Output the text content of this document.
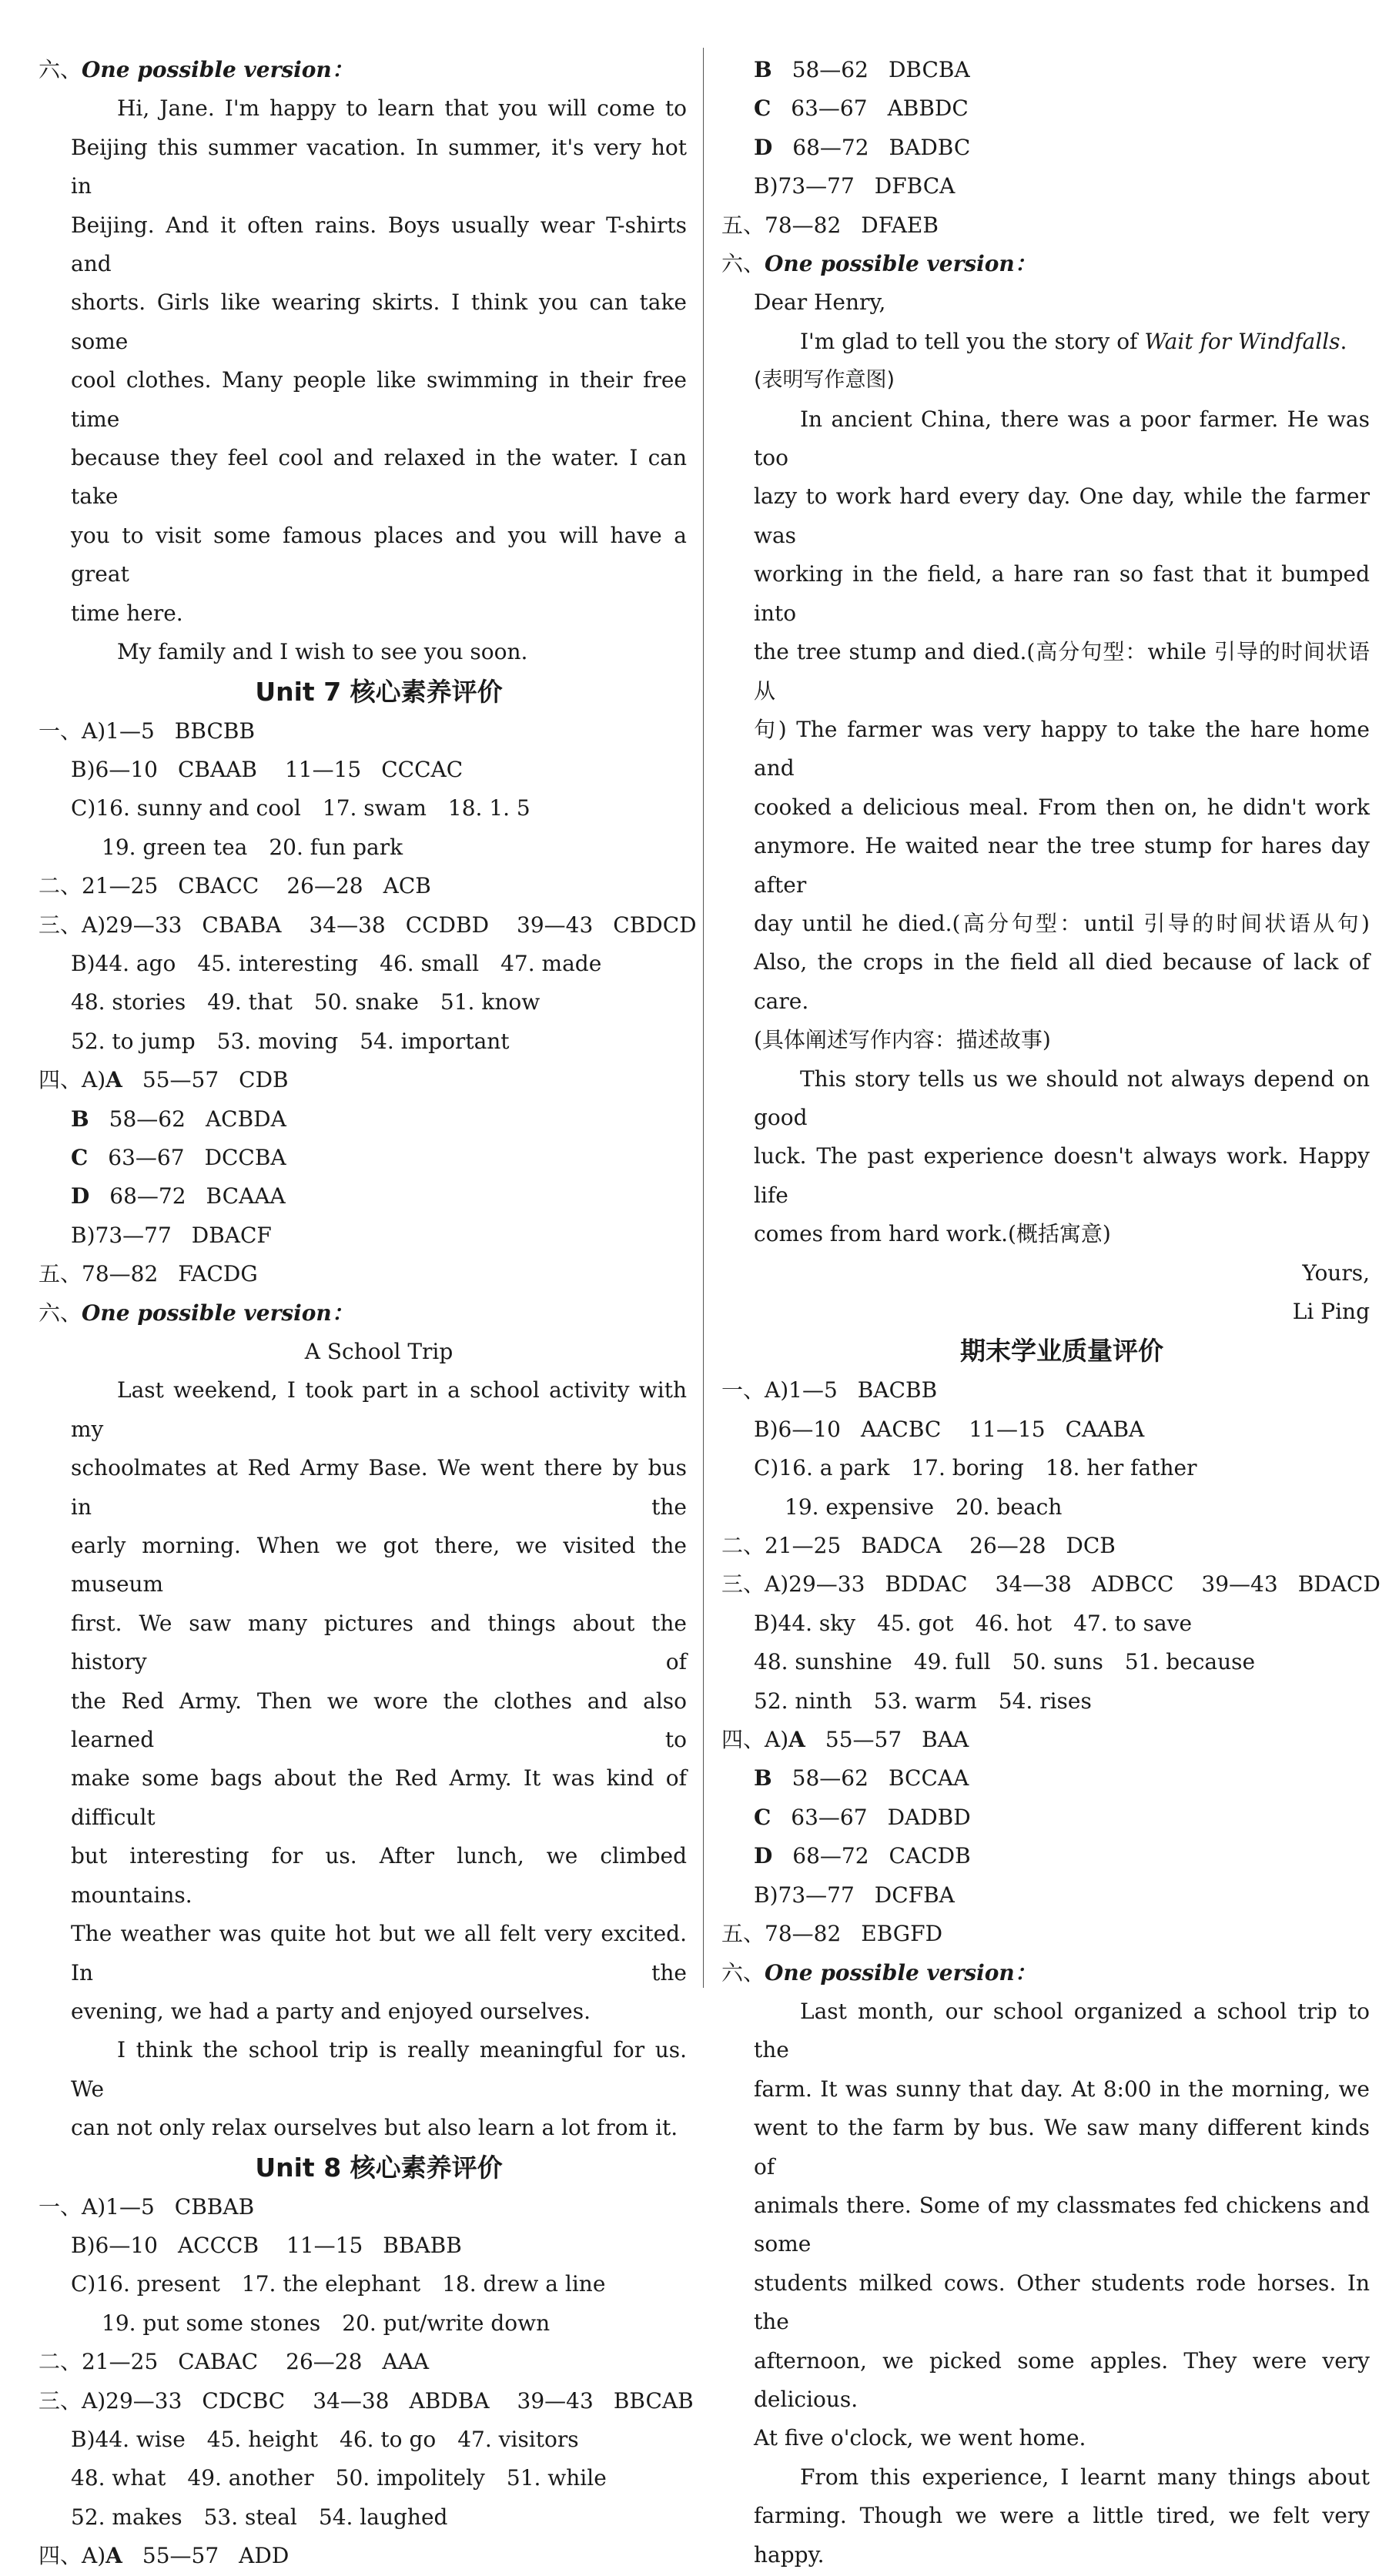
六、One possible version：
Hi, Jane. I'm happy to learn that you will come to
Beijing this summer vacation. In summer, it's very hot in
Beijing. And it often rains. Boys usually wear T-shirts and
shorts. Girls like wearing skirts. I think you can take some
cool clothes. Many people like swimming in their free time
because they feel cool and relaxed in the water. I can take
you to visit some famous places and you will have a great
time here.
My family and I wish to see you soon.
Unit 7 核心素养评价
一、A)1—5 BBCBB
B)6—10 CBAAB 11—15 CCCAC
C)16. sunny and cool 17. swam 18. 1. 5
19. green tea 20. fun park
二、21—25 CBACC 26—28 ACB
三、A)29—33 CBABA 34—38 CCDBD 39—43 CBDCD
B)44. ago 45. interesting 46. small 47. made
48. stories 49. that 50. snake 51. know
52. to jump 53. moving 54. important
四、A)A 55—57 CDB
B 58—62 ACBDA
C 63—67 DCCBA
D 68—72 BCAAA
B)73—77 DBACF
五、78—82 FACDG
六、One possible version：
A School Trip
Last weekend, I took part in a school activity with my
schoolmates at Red Army Base. We went there by bus in the
early morning. When we got there, we visited the museum
first. We saw many pictures and things about the history of
the Red Army. Then we wore the clothes and also learned to
make some bags about the Red Army. It was kind of difficult
but interesting for us. After lunch, we climbed mountains.
The weather was quite hot but we all felt very excited. In the
evening, we had a party and enjoyed ourselves.
I think the school trip is really meaningful for us. We
can not only relax ourselves but also learn a lot from it.
Unit 8 核心素养评价
一、A)1—5 CBBAB
B)6—10 ACCCB 11—15 BBABB
C)16. present 17. the elephant 18. drew a line
19. put some stones 20. put/write down
二、21—25 CABAC 26—28 AAA
三、A)29—33 CDCBC 34—38 ABDBA 39—43 BBCAB
B)44. wise 45. height 46. to go 47. visitors
48. what 49. another 50. impolitely 51. while
52. makes 53. steal 54. laughed
四、A)A 55—57 ADD
B 58—62 DBCBA
C 63—67 ABBDC
D 68—72 BADBC
B)73—77 DFBCA
五、78—82 DFAEB
六、One possible version：
Dear Henry,
I'm glad to tell you the story of Wait for Windfalls.
(表明写作意图)
In ancient China, there was a poor farmer. He was too
lazy to work hard every day. One day, while the farmer was
working in the field, a hare ran so fast that it bumped into
the tree stump and died.(高分句型：while 引导的时间状语从
句) The farmer was very happy to take the hare home and
cooked a delicious meal. From then on, he didn't work
anymore. He waited near the tree stump for hares day after
day until he died.(高分句型：until 引导的时间状语从句)
Also, the crops in the field all died because of lack of care.
(具体阐述写作内容：描述故事)
This story tells us we should not always depend on good
luck. The past experience doesn't always work. Happy life
comes from hard work.(概括寓意)
Yours,
Li Ping
期末学业质量评价
一、A)1—5 BACBB
B)6—10 AACBC 11—15 CAABA
C)16. a park 17. boring 18. her father
19. expensive 20. beach
二、21—25 BADCA 26—28 DCB
三、A)29—33 BDDAC 34—38 ADBCC 39—43 BDACD
B)44. sky 45. got 46. hot 47. to save
48. sunshine 49. full 50. suns 51. because
52. ninth 53. warm 54. rises
四、A)A 55—57 BAA
B 58—62 BCCAA
C 63—67 DADBD
D 68—72 CACDB
B)73—77 DCFBA
五、78—82 EBGFD
六、One possible version：
Last month, our school organized a school trip to the
farm. It was sunny that day. At 8:00 in the morning, we
went to the farm by bus. We saw many different kinds of
animals there. Some of my classmates fed chickens and some
students milked cows. Other students rode horses. In the
afternoon, we picked some apples. They were very delicious.
At five o'clock, we went home.
From this experience, I learnt many things about
farming. Though we were a little tired, we felt very happy.
